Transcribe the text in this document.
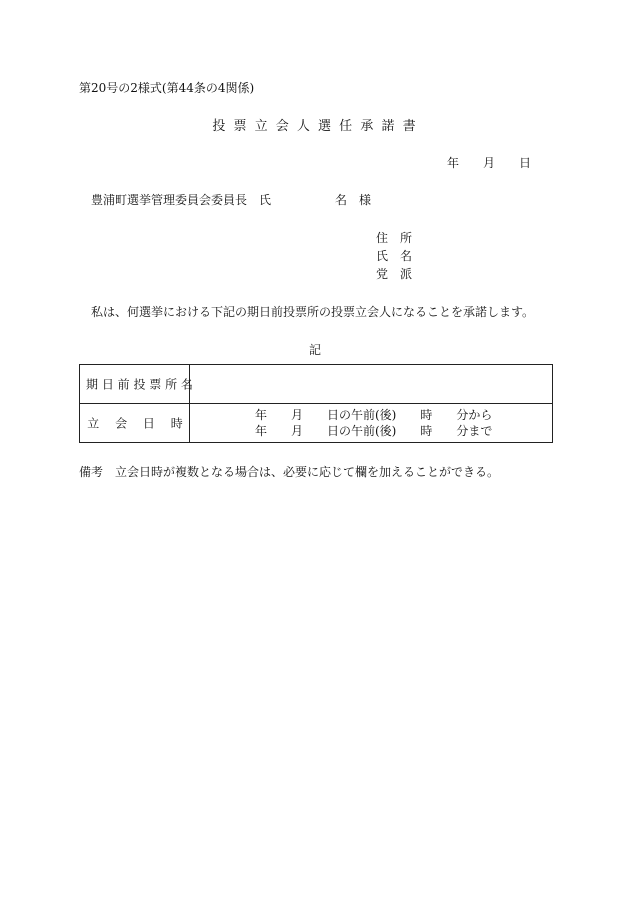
第20号の2様式(第44条の4関係)
投 票 立 会 人 選 任 承 諾 書
年　　月　　日
豊浦町選挙管理委員会委員長　氏	名　様
住　所
氏　名
党　派
私は、何選挙における下記の期日前投票所の投票立会人になることを承諾します。
記
期 日 前 投 票 所 名
立　 会　 日　 時
年　　月　　日の午前(後)　　時　　分から
年　　月　　日の午前(後)　　時　　分まで
備考　立会日時が複数となる場合は、必要に応じて欄を加えることができる。
